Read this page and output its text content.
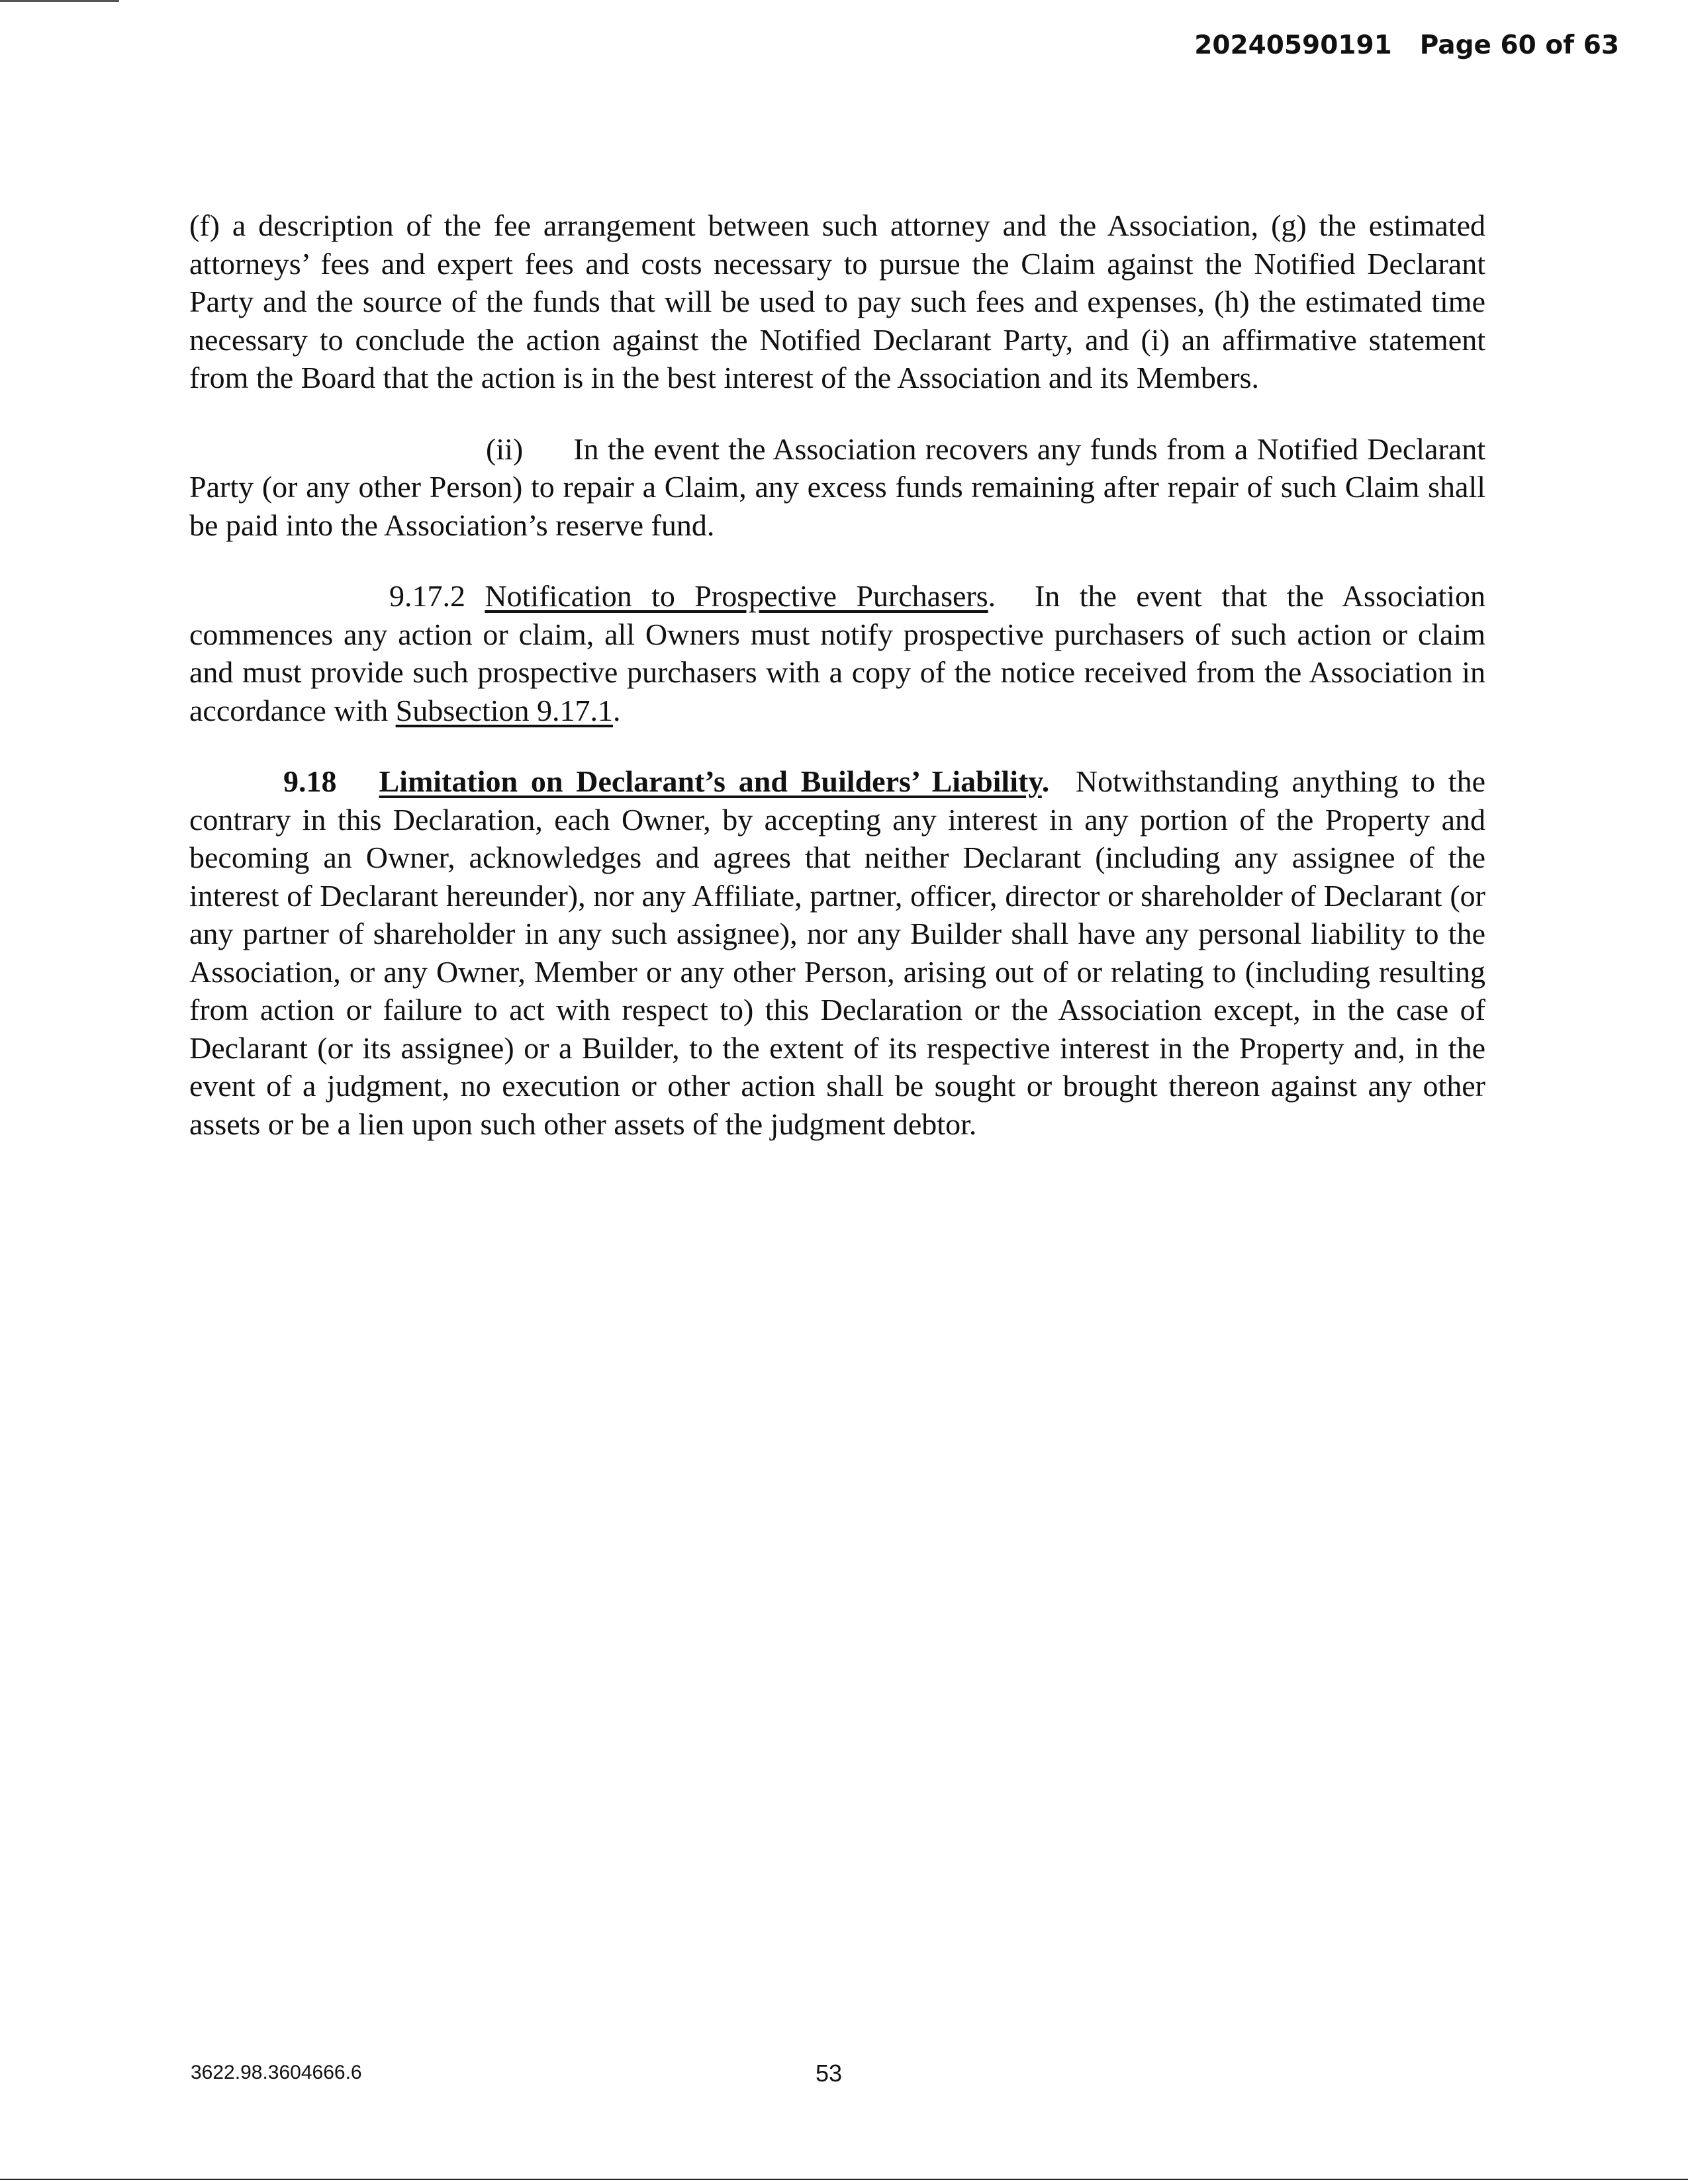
20240590191 Page 60 of 63

(f) a description of the fee arrangement between such attorney and the Association, (g) the estimated attorneys’ fees and expert fees and costs necessary to pursue the Claim against the Notified Declarant Party and the source of the funds that will be used to pay such fees and expenses, (h) the estimated time necessary to conclude the action against the Notified Declarant Party, and (i) an affirmative statement from the Board that the action is in the best interest of the Association and its Members.

(ii) In the event the Association recovers any funds from a Notified Declarant Party (or any other Person) to repair a Claim, any excess funds remaining after repair of such Claim shall be paid into the Association’s reserve fund.

9.17.2 Notification to Prospective Purchasers. In the event that the Association commences any action or claim, all Owners must notify prospective purchasers of such action or claim and must provide such prospective purchasers with a copy of the notice received from the Association in accordance with Subsection 9.17.1.

9.18 Limitation on Declarant’s and Builders’ Liability. Notwithstanding anything to the contrary in this Declaration, each Owner, by accepting any interest in any portion of the Property and becoming an Owner, acknowledges and agrees that neither Declarant (including any assignee of the interest of Declarant hereunder), nor any Affiliate, partner, officer, director or shareholder of Declarant (or any partner of shareholder in any such assignee), nor any Builder shall have any personal liability to the Association, or any Owner, Member or any other Person, arising out of or relating to (including resulting from action or failure to act with respect to) this Declaration or the Association except, in the case of Declarant (or its assignee) or a Builder, to the extent of its respective interest in the Property and, in the event of a judgment, no execution or other action shall be sought or brought thereon against any other assets or be a lien upon such other assets of the judgment debtor.

3622.98.3604666.6	53
